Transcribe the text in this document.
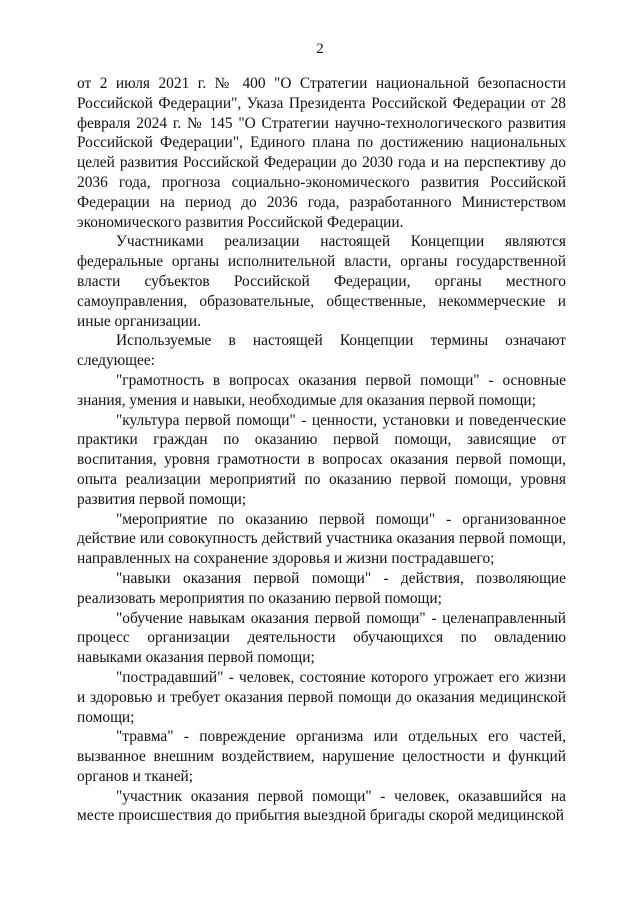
2

от 2 июля 2021 г. № 400 "О Стратегии национальной безопасности Российской Федерации", Указа Президента Российской Федерации от 28 февраля 2024 г. № 145 "О Стратегии научно-технологического развития Российской Федерации", Единого плана по достижению национальных целей развития Российской Федерации до 2030 года и на перспективу до 2036 года, прогноза социально-экономического развития Российской Федерации на период до 2036 года, разработанного Министерством экономического развития Российской Федерации.

Участниками реализации настоящей Концепции являются федеральные органы исполнительной власти, органы государственной власти субъектов Российской Федерации, органы местного самоуправления, образовательные, общественные, некоммерческие и иные организации.

Используемые в настоящей Концепции термины означают следующее:

"грамотность в вопросах оказания первой помощи" - основные знания, умения и навыки, необходимые для оказания первой помощи;

"культура первой помощи" - ценности, установки и поведенческие практики граждан по оказанию первой помощи, зависящие от воспитания, уровня грамотности в вопросах оказания первой помощи, опыта реализации мероприятий по оказанию первой помощи, уровня развития первой помощи;

"мероприятие по оказанию первой помощи" - организованное действие или совокупность действий участника оказания первой помощи, направленных на сохранение здоровья и жизни пострадавшего;

"навыки оказания первой помощи" - действия, позволяющие реализовать мероприятия по оказанию первой помощи;

"обучение навыкам оказания первой помощи" - целенаправленный процесс организации деятельности обучающихся по овладению навыками оказания первой помощи;

"пострадавший" - человек, состояние которого угрожает его жизни и здоровью и требует оказания первой помощи до оказания медицинской помощи;

"травма" - повреждение организма или отдельных его частей, вызванное внешним воздействием, нарушение целостности и функций органов и тканей;

"участник оказания первой помощи" - человек, оказавшийся на месте происшествия до прибытия выездной бригады скорой медицинской
